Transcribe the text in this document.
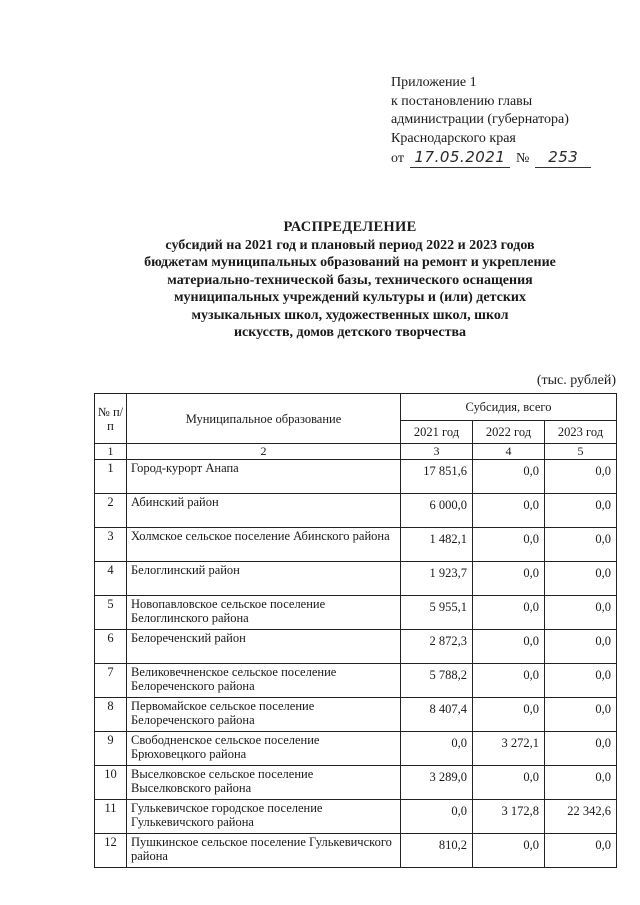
Приложение 1
к постановлению главы
администрации (губернатора)
Краснодарского края
от 17.05.2021 №	253
РАСПРЕДЕЛЕНИЕ
субсидий на 2021 год и плановый период 2022 и 2023 годов
бюджетам муниципальных образований на ремонт и укрепление
материально-технической базы, технического оснащения
муниципальных учреждений культуры и (или) детских
музыкальных школ, художественных школ, школ
искусств, домов детского творчества
(тыс. рублей)
№ п/п	Муниципальное образование	Субсидия, всего		
		2021 год	2022 год	2023 год
1	2	3	4	5
1	Город-курорт Анапа	17 851,6	0,0	0,0
2	Абинский район	6 000,0	0,0	0,0
3	Холмское сельское поселение Абинского района	1 482,1	0,0	0,0
4	Белоглинский район	1 923,7	0,0	0,0
5	Новопавловское сельское поселение Белоглинского района	5 955,1	0,0	0,0
6	Белореченский район	2 872,3	0,0	0,0
7	Великовечненское сельское поселение Белореченского района	5 788,2	0,0	0,0
8	Первомайское сельское поселение Белореченского района	8 407,4	0,0	0,0
9	Свободненское сельское поселение Брюховецкого района	0,0	3 272,1	0,0
10	Выселковское сельское поселение Выселковского района	3 289,0	0,0	0,0
11	Гулькевичское городское поселение Гулькевичского района	0,0	3 172,8	22 342,6
12	Пушкинское сельское поселение Гулькевичского района	810,2	0,0	0,0
